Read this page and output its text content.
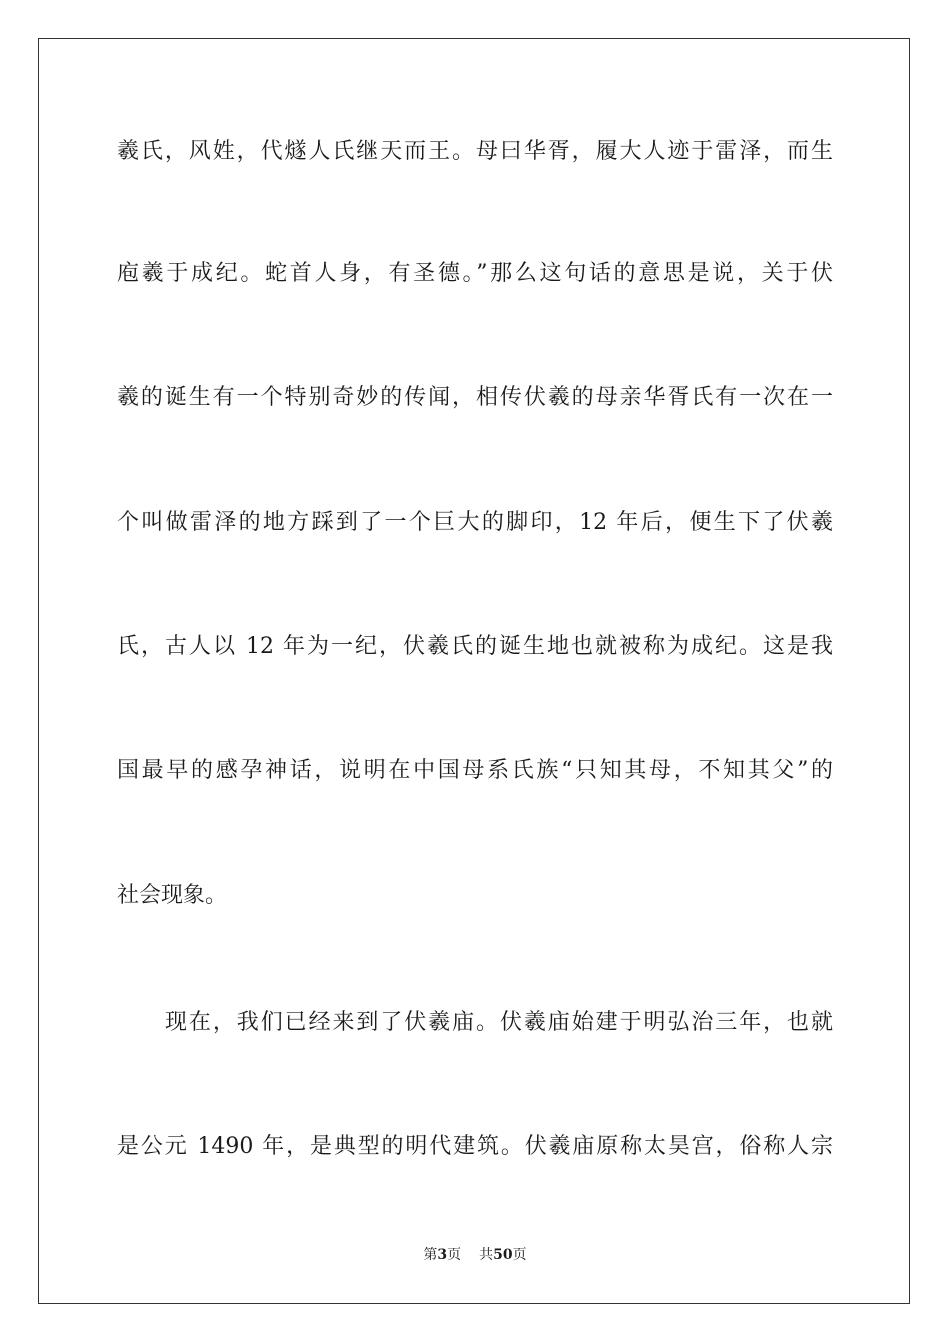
羲氏，风姓，代燧人氏继天而王。母曰华胥，履大人迹于雷泽，而生
庖羲于成纪。蛇首人身，有圣德。”那么这句话的意思是说，关于伏
羲的诞生有一个特别奇妙的传闻，相传伏羲的母亲华胥氏有一次在一
个叫做雷泽的地方踩到了一个巨大的脚印，12 年后，便生下了伏羲
氏，古人以 12 年为一纪，伏羲氏的诞生地也就被称为成纪。这是我
国最早的感孕神话，说明在中国母系氏族“只知其母，不知其父”的
社会现象。
现在，我们已经来到了伏羲庙。伏羲庙始建于明弘治三年，也就
是公元 1490 年，是典型的明代建筑。伏羲庙原称太昊宫，俗称人宗
第3页 共50页
